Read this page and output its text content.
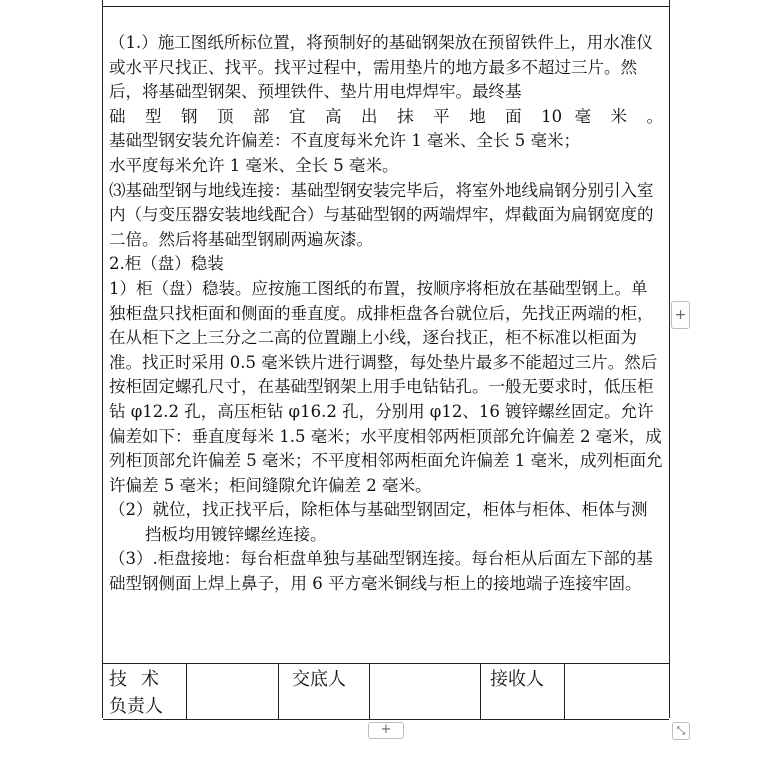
（1.）施工图纸所标位置，将预制好的基础钢架放在预留铁件上，用水准仪或水平尺找正、找平。找平过程中，需用垫片的地方最多不超过三片。然后，将基础型钢架、预埋铁件、垫片用电焊焊牢。最终基

础 型 钢 顶 部 宜 高 出 抹 平 地 面 10 毫 米 。

基础型钢安装允许偏差：不直度每米允许 1 毫米、全长 5 毫米；

水平度每米允许 1 毫米、全长 5 毫米。

⑶基础型钢与地线连接：基础型钢安装完毕后，将室外地线扁钢分别引入室内（与变压器安装地线配合）与基础型钢的两端焊牢，焊截面为扁钢宽度的二倍。然后将基础型钢刷两遍灰漆。

2.柜（盘）稳装

1）柜（盘）稳装。应按施工图纸的布置，按顺序将柜放在基础型钢上。单独柜盘只找柜面和侧面的垂直度。成排柜盘各台就位后，先找正两端的柜，在从柜下之上三分之二高的位置蹦上小线，逐台找正，柜不标准以柜面为准。找正时采用 0.5 毫米铁片进行调整，每处垫片最多不能超过三片。然后按柜固定螺孔尺寸，在基础型钢架上用手电钻钻孔。一般无要求时，低压柜钻 φ12.2 孔，高压柜钻 φ16.2 孔，分别用 φ12、16 镀锌螺丝固定。允许偏差如下：垂直度每米 1.5 毫米；水平度相邻两柜顶部允许偏差 2 毫米，成列柜顶部允许偏差 5 毫米；不平度相邻两柜面允许偏差 1 毫米，成列柜面允许偏差 5 毫米；柜间缝隙允许偏差 2 毫米。

（2）就位，找正找平后，除柜体与基础型钢固定，柜体与柜体、柜体与测挡板均用镀锌螺丝连接。

（3）.柜盘接地：每台柜盘单独与基础型钢连接。每台柜从后面左下部的基础型钢侧面上焊上鼻子，用 6 平方毫米铜线与柜上的接地端子连接牢固。

技术
负责人
交底人	接收人
+
+	⤡
